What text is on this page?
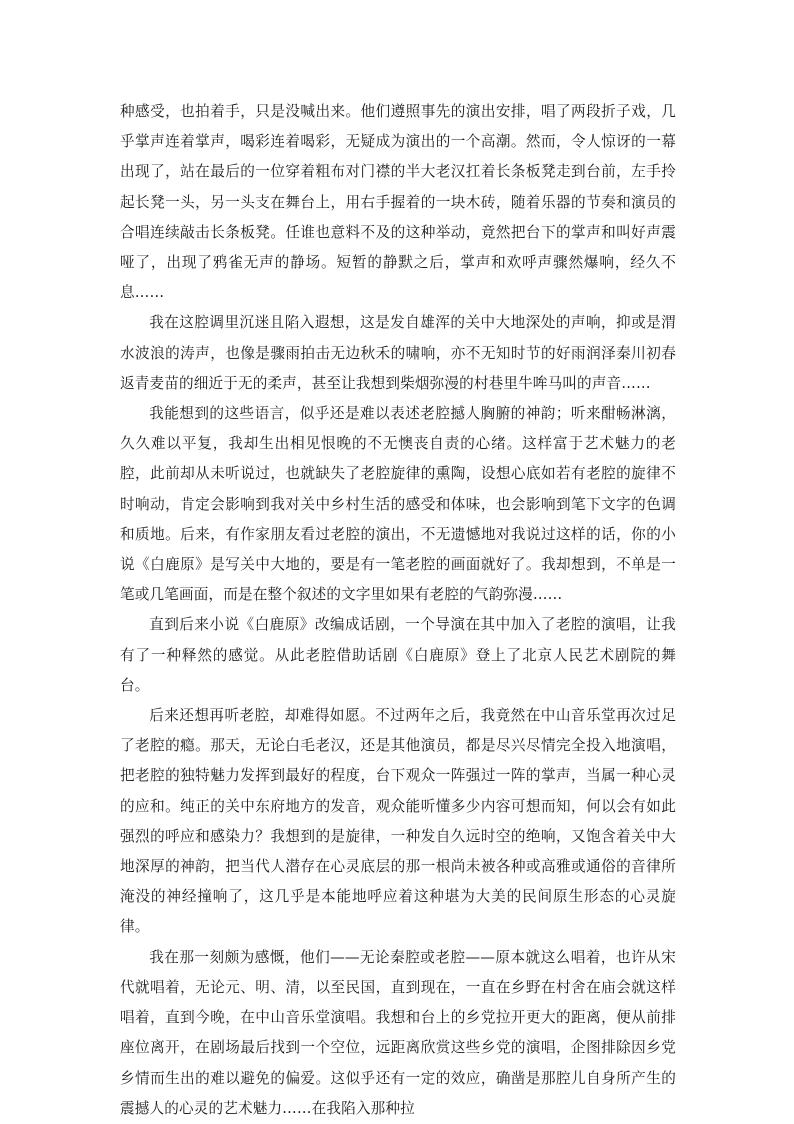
种感受，也拍着手，只是没喊出来。他们遵照事先的演出安排，唱了两段折子戏，几乎掌声连着掌声，喝彩连着喝彩，无疑成为演出的一个高潮。然而，令人惊讶的一幕出现了，站在最后的一位穿着粗布对门襟的半大老汉扛着长条板凳走到台前，左手拎起长凳一头，另一头支在舞台上，用右手握着的一块木砖，随着乐器的节奏和演员的合唱连续敲击长条板凳。任谁也意料不及的这种举动，竟然把台下的掌声和叫好声震哑了，出现了鸦雀无声的静场。短暂的静默之后，掌声和欢呼声骤然爆响，经久不息……

我在这腔调里沉迷且陷入遐想，这是发自雄浑的关中大地深处的声响，抑或是渭水波浪的涛声，也像是骤雨拍击无边秋禾的啸响，亦不无知时节的好雨润泽秦川初春返青麦苗的细近于无的柔声，甚至让我想到柴烟弥漫的村巷里牛哞马叫的声音……

我能想到的这些语言，似乎还是难以表述老腔撼人胸腑的神韵；听来酣畅淋漓，久久难以平复，我却生出相见恨晚的不无懊丧自责的心绪。这样富于艺术魅力的老腔，此前却从未听说过，也就缺失了老腔旋律的熏陶，设想心底如若有老腔的旋律不时响动，肯定会影响到我对关中乡村生活的感受和体味，也会影响到笔下文字的色调和质地。后来，有作家朋友看过老腔的演出，不无遗憾地对我说过这样的话，你的小说《白鹿原》是写关中大地的，要是有一笔老腔的画面就好了。我却想到，不单是一笔或几笔画面，而是在整个叙述的文字里如果有老腔的气韵弥漫……

直到后来小说《白鹿原》改编成话剧，一个导演在其中加入了老腔的演唱，让我有了一种释然的感觉。从此老腔借助话剧《白鹿原》登上了北京人民艺术剧院的舞台。

后来还想再听老腔，却难得如愿。不过两年之后，我竟然在中山音乐堂再次过足了老腔的瘾。那天，无论白毛老汉，还是其他演员，都是尽兴尽情完全投入地演唱，把老腔的独特魅力发挥到最好的程度，台下观众一阵强过一阵的掌声，当属一种心灵的应和。纯正的关中东府地方的发音，观众能听懂多少内容可想而知，何以会有如此强烈的呼应和感染力？我想到的是旋律，一种发自久远时空的绝响，又饱含着关中大地深厚的神韵，把当代人潜存在心灵底层的那一根尚未被各种或高雅或通俗的音律所淹没的神经撞响了，这几乎是本能地呼应着这种堪为大美的民间原生形态的心灵旋律。

我在那一刻颇为感慨，他们——无论秦腔或老腔——原本就这么唱着，也许从宋代就唱着，无论元、明、清，以至民国，直到现在，一直在乡野在村舍在庙会就这样唱着，直到今晚，在中山音乐堂演唱。我想和台上的乡党拉开更大的距离，便从前排座位离开，在剧场最后找到一个空位，远距离欣赏这些乡党的演唱，企图排除因乡党乡情而生出的难以避免的偏爱。这似乎还有一定的效应，确凿是那腔儿自身所产生的震撼人的心灵的艺术魅力……在我陷入那种拉
